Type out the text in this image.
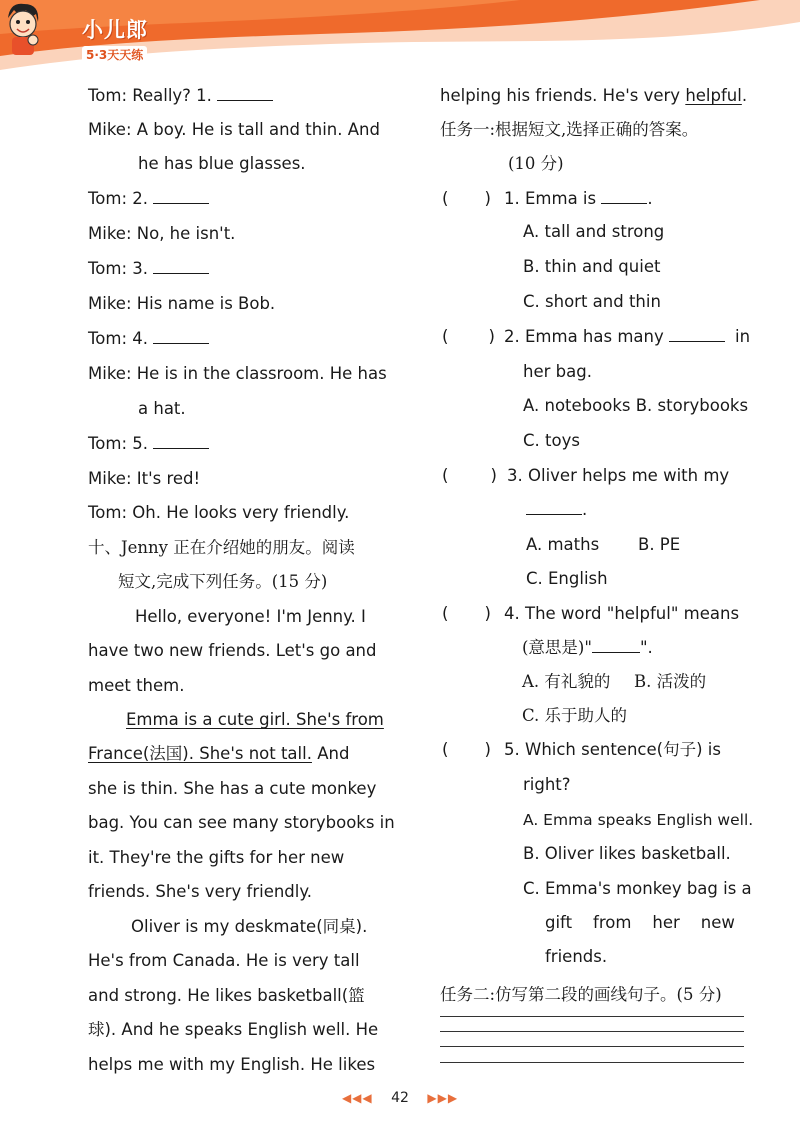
小儿郎
5·3天天练
Tom: Really? 1.
Mike: A boy. He is tall and thin. And
he has blue glasses.
Tom: 2.
Mike: No, he isn't.
Tom: 3.
Mike: His name is Bob.
Tom: 4.
Mike: He is in the classroom. He has
a hat.
Tom: 5.
Mike: It's red!
Tom: Oh. He looks very friendly.
十、Jenny 正在介绍她的朋友。阅读
短文,完成下列任务。(15 分)
Hello, everyone! I'm Jenny. I
have two new friends. Let's go and
meet them.
Emma is a cute girl. She's from
France(法国). She's not tall. And
she is thin. She has a cute monkey
bag. You can see many storybooks in
it. They're the gifts for her new
friends. She's very friendly.
Oliver is my deskmate(同桌).
He's from Canada. He is very tall
and strong. He likes basketball(篮
球). And he speaks English well. He
helps me with my English. He likes
helping his friends. He's very helpful.
任务一:根据短文,选择正确的答案。
(10 分)
( ) 1. Emma is	.
A. tall and strong
B. thin and quiet
C. short and thin
( ) 2. Emma has many	in
her bag.
A. notebooks B. storybooks
C. toys
(	) 3. Oliver helps me with my
.
A. maths B. PE
C. English
( ) 4. The word "helpful" means
(意思是)"	".
A. 有礼貌的 B. 活泼的
C. 乐于助人的
( ) 5. Which sentence(句子) is
right?
A. Emma speaks English well.
B. Oliver likes basketball.
C. Emma's monkey bag is a
gift    from    her    new
friends.
任务二:仿写第二段的画线句子。(5 分)
◀◀◀ 42 ▶▶▶
